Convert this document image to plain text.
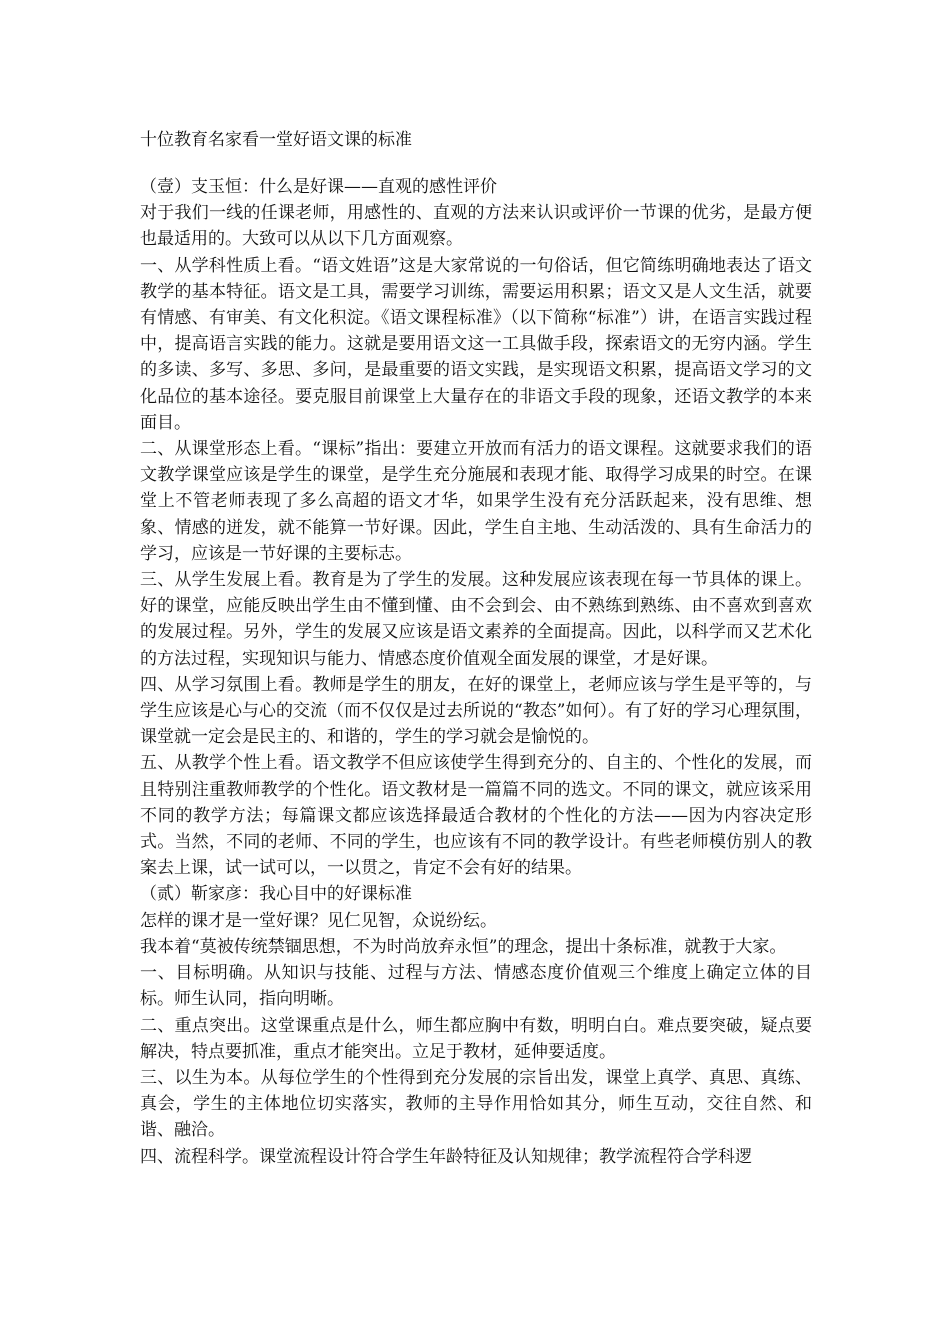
十位教育名家看一堂好语文课的标准

（壹）支玉恒：什么是好课——直观的感性评价

对于我们一线的任课老师，用感性的、直观的方法来认识或评价一节课的优劣，是最方便也最适用的。大致可以从以下几方面观察。

一、从学科性质上看。“语文姓语”这是大家常说的一句俗话，但它简练明确地表达了语文教学的基本特征。语文是工具，需要学习训练，需要运用积累；语文又是人文生活，就要有情感、有审美、有文化积淀。《语文课程标准》（以下简称“标准”）讲，在语言实践过程中，提高语言实践的能力。这就是要用语文这一工具做手段，探索语文的无穷内涵。学生的多读、多写、多思、多问，是最重要的语文实践，是实现语文积累，提高语文学习的文化品位的基本途径。要克服目前课堂上大量存在的非语文手段的现象，还语文教学的本来面目。

二、从课堂形态上看。“课标”指出：要建立开放而有活力的语文课程。这就要求我们的语文教学课堂应该是学生的课堂，是学生充分施展和表现才能、取得学习成果的时空。在课堂上不管老师表现了多么高超的语文才华，如果学生没有充分活跃起来，没有思维、想象、情感的迸发，就不能算一节好课。因此，学生自主地、生动活泼的、具有生命活力的学习，应该是一节好课的主要标志。

三、从学生发展上看。教育是为了学生的发展。这种发展应该表现在每一节具体的课上。好的课堂，应能反映出学生由不懂到懂、由不会到会、由不熟练到熟练、由不喜欢到喜欢的发展过程。另外，学生的发展又应该是语文素养的全面提高。因此，以科学而又艺术化的方法过程，实现知识与能力、情感态度价值观全面发展的课堂，才是好课。

四、从学习氛围上看。教师是学生的朋友，在好的课堂上，老师应该与学生是平等的，与学生应该是心与心的交流（而不仅仅是过去所说的“教态”如何）。有了好的学习心理氛围，课堂就一定会是民主的、和谐的，学生的学习就会是愉悦的。

五、从教学个性上看。语文教学不但应该使学生得到充分的、自主的、个性化的发展，而且特别注重教师教学的个性化。语文教材是一篇篇不同的选文。不同的课文，就应该采用不同的教学方法；每篇课文都应该选择最适合教材的个性化的方法——因为内容决定形式。当然，不同的老师、不同的学生，也应该有不同的教学设计。有些老师模仿别人的教案去上课，试一试可以，一以贯之，肯定不会有好的结果。

（贰）靳家彦：我心目中的好课标准

怎样的课才是一堂好课？见仁见智，众说纷纭。

我本着“莫被传统禁锢思想，不为时尚放弃永恒”的理念，提出十条标准，就教于大家。

一、目标明确。从知识与技能、过程与方法、情感态度价值观三个维度上确定立体的目标。师生认同，指向明晰。

二、重点突出。这堂课重点是什么，师生都应胸中有数，明明白白。难点要突破，疑点要解决，特点要抓准，重点才能突出。立足于教材，延伸要适度。

三、以生为本。从每位学生的个性得到充分发展的宗旨出发，课堂上真学、真思、真练、真会，学生的主体地位切实落实，教师的主导作用恰如其分，师生互动，交往自然、和谐、融洽。

四、流程科学。课堂流程设计符合学生年龄特征及认知规律；教学流程符合学科逻
